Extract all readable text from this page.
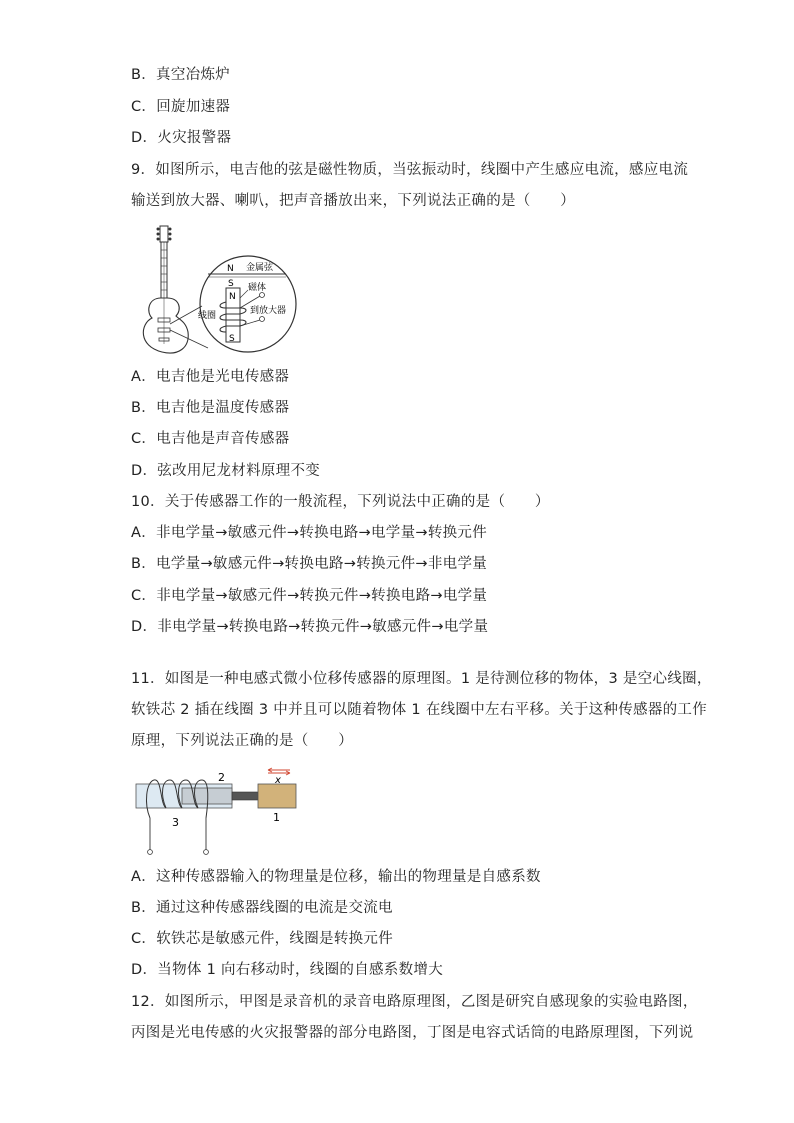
B．真空冶炼炉
C．回旋加速器
D．火灾报警器
9．如图所示，电吉他的弦是磁性物质，当弦振动时，线圈中产生感应电流，感应电流
输送到放大器、喇叭，把声音播放出来，下列说法正确的是（　　）
N 金属弦
S
N
磁体
线圈	到放大器
S
A．电吉他是光电传感器
B．电吉他是温度传感器
C．电吉他是声音传感器
D．弦改用尼龙材料原理不变
10．关于传感器工作的一般流程，下列说法中正确的是（　　）
A．非电学量→敏感元件→转换电路→电学量→转换元件
B．电学量→敏感元件→转换电路→转换元件→非电学量
C．非电学量→敏感元件→转换元件→转换电路→电学量
D．非电学量→转换电路→转换元件→敏感元件→电学量
11．如图是一种电感式微小位移传感器的原理图。1 是待测位移的物体，3 是空心线圈，
软铁芯 2 插在线圈 3 中并且可以随着物体 1 在线圈中左右平移。关于这种传感器的工作
原理，下列说法正确的是（　　）
2	x
3	1
A．这种传感器输入的物理量是位移，输出的物理量是自感系数
B．通过这种传感器线圈的电流是交流电
C．软铁芯是敏感元件，线圈是转换元件
D．当物体 1 向右移动时，线圈的自感系数增大
12．如图所示，甲图是录音机的录音电路原理图，乙图是研究自感现象的实验电路图，
丙图是光电传感的火灾报警器的部分电路图，丁图是电容式话筒的电路原理图，下列说
